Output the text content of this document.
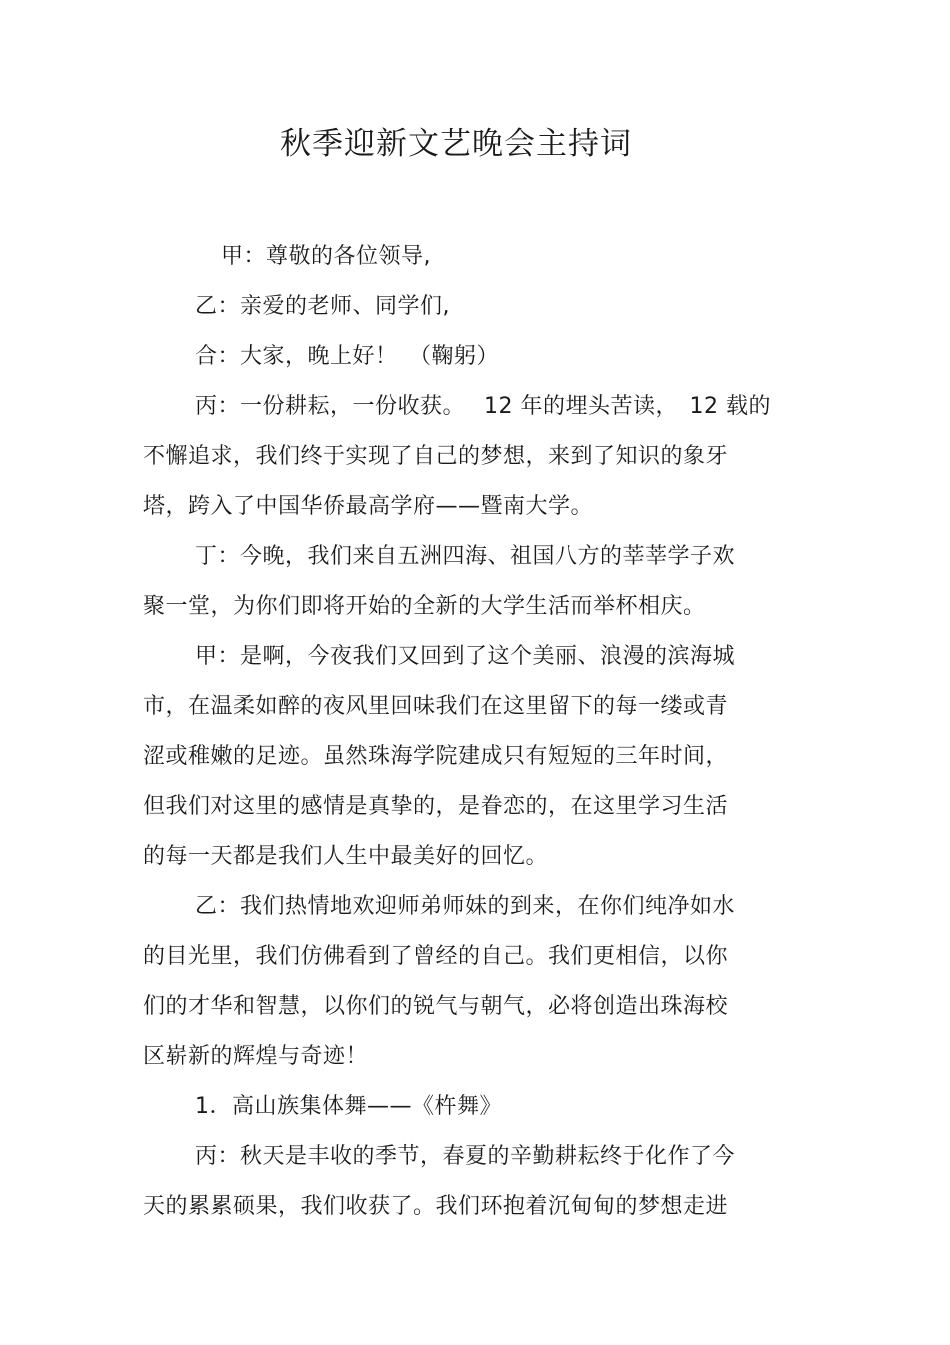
秋季迎新文艺晚会主持词
甲：尊敬的各位领导,
乙：亲爱的老师、同学们,
合：大家，晚上好！　（鞠躬）
丙：一份耕耘，一份收获。　 12 年的埋头苦读，　12 载的
不懈追求，我们终于实现了自己的梦想，来到了知识的象牙
塔，跨入了中国华侨最高学府——暨南大学。
丁：今晚，我们来自五洲四海、祖国八方的莘莘学子欢
聚一堂，为你们即将开始的全新的大学生活而举杯相庆。
甲：是啊，今夜我们又回到了这个美丽、浪漫的滨海城
市，在温柔如醉的夜风里回味我们在这里留下的每一缕或青
涩或稚嫩的足迹。虽然珠海学院建成只有短短的三年时间，
但我们对这里的感情是真挚的，是眷恋的，在这里学习生活
的每一天都是我们人生中最美好的回忆。
乙：我们热情地欢迎师弟师妹的到来，在你们纯净如水
的目光里，我们仿佛看到了曾经的自己。我们更相信，以你
们的才华和智慧，以你们的锐气与朝气，必将创造出珠海校
区崭新的辉煌与奇迹！
1．高山族集体舞——《杵舞》
丙：秋天是丰收的季节，春夏的辛勤耕耘终于化作了今
天的累累硕果，我们收获了。我们环抱着沉甸甸的梦想走进
